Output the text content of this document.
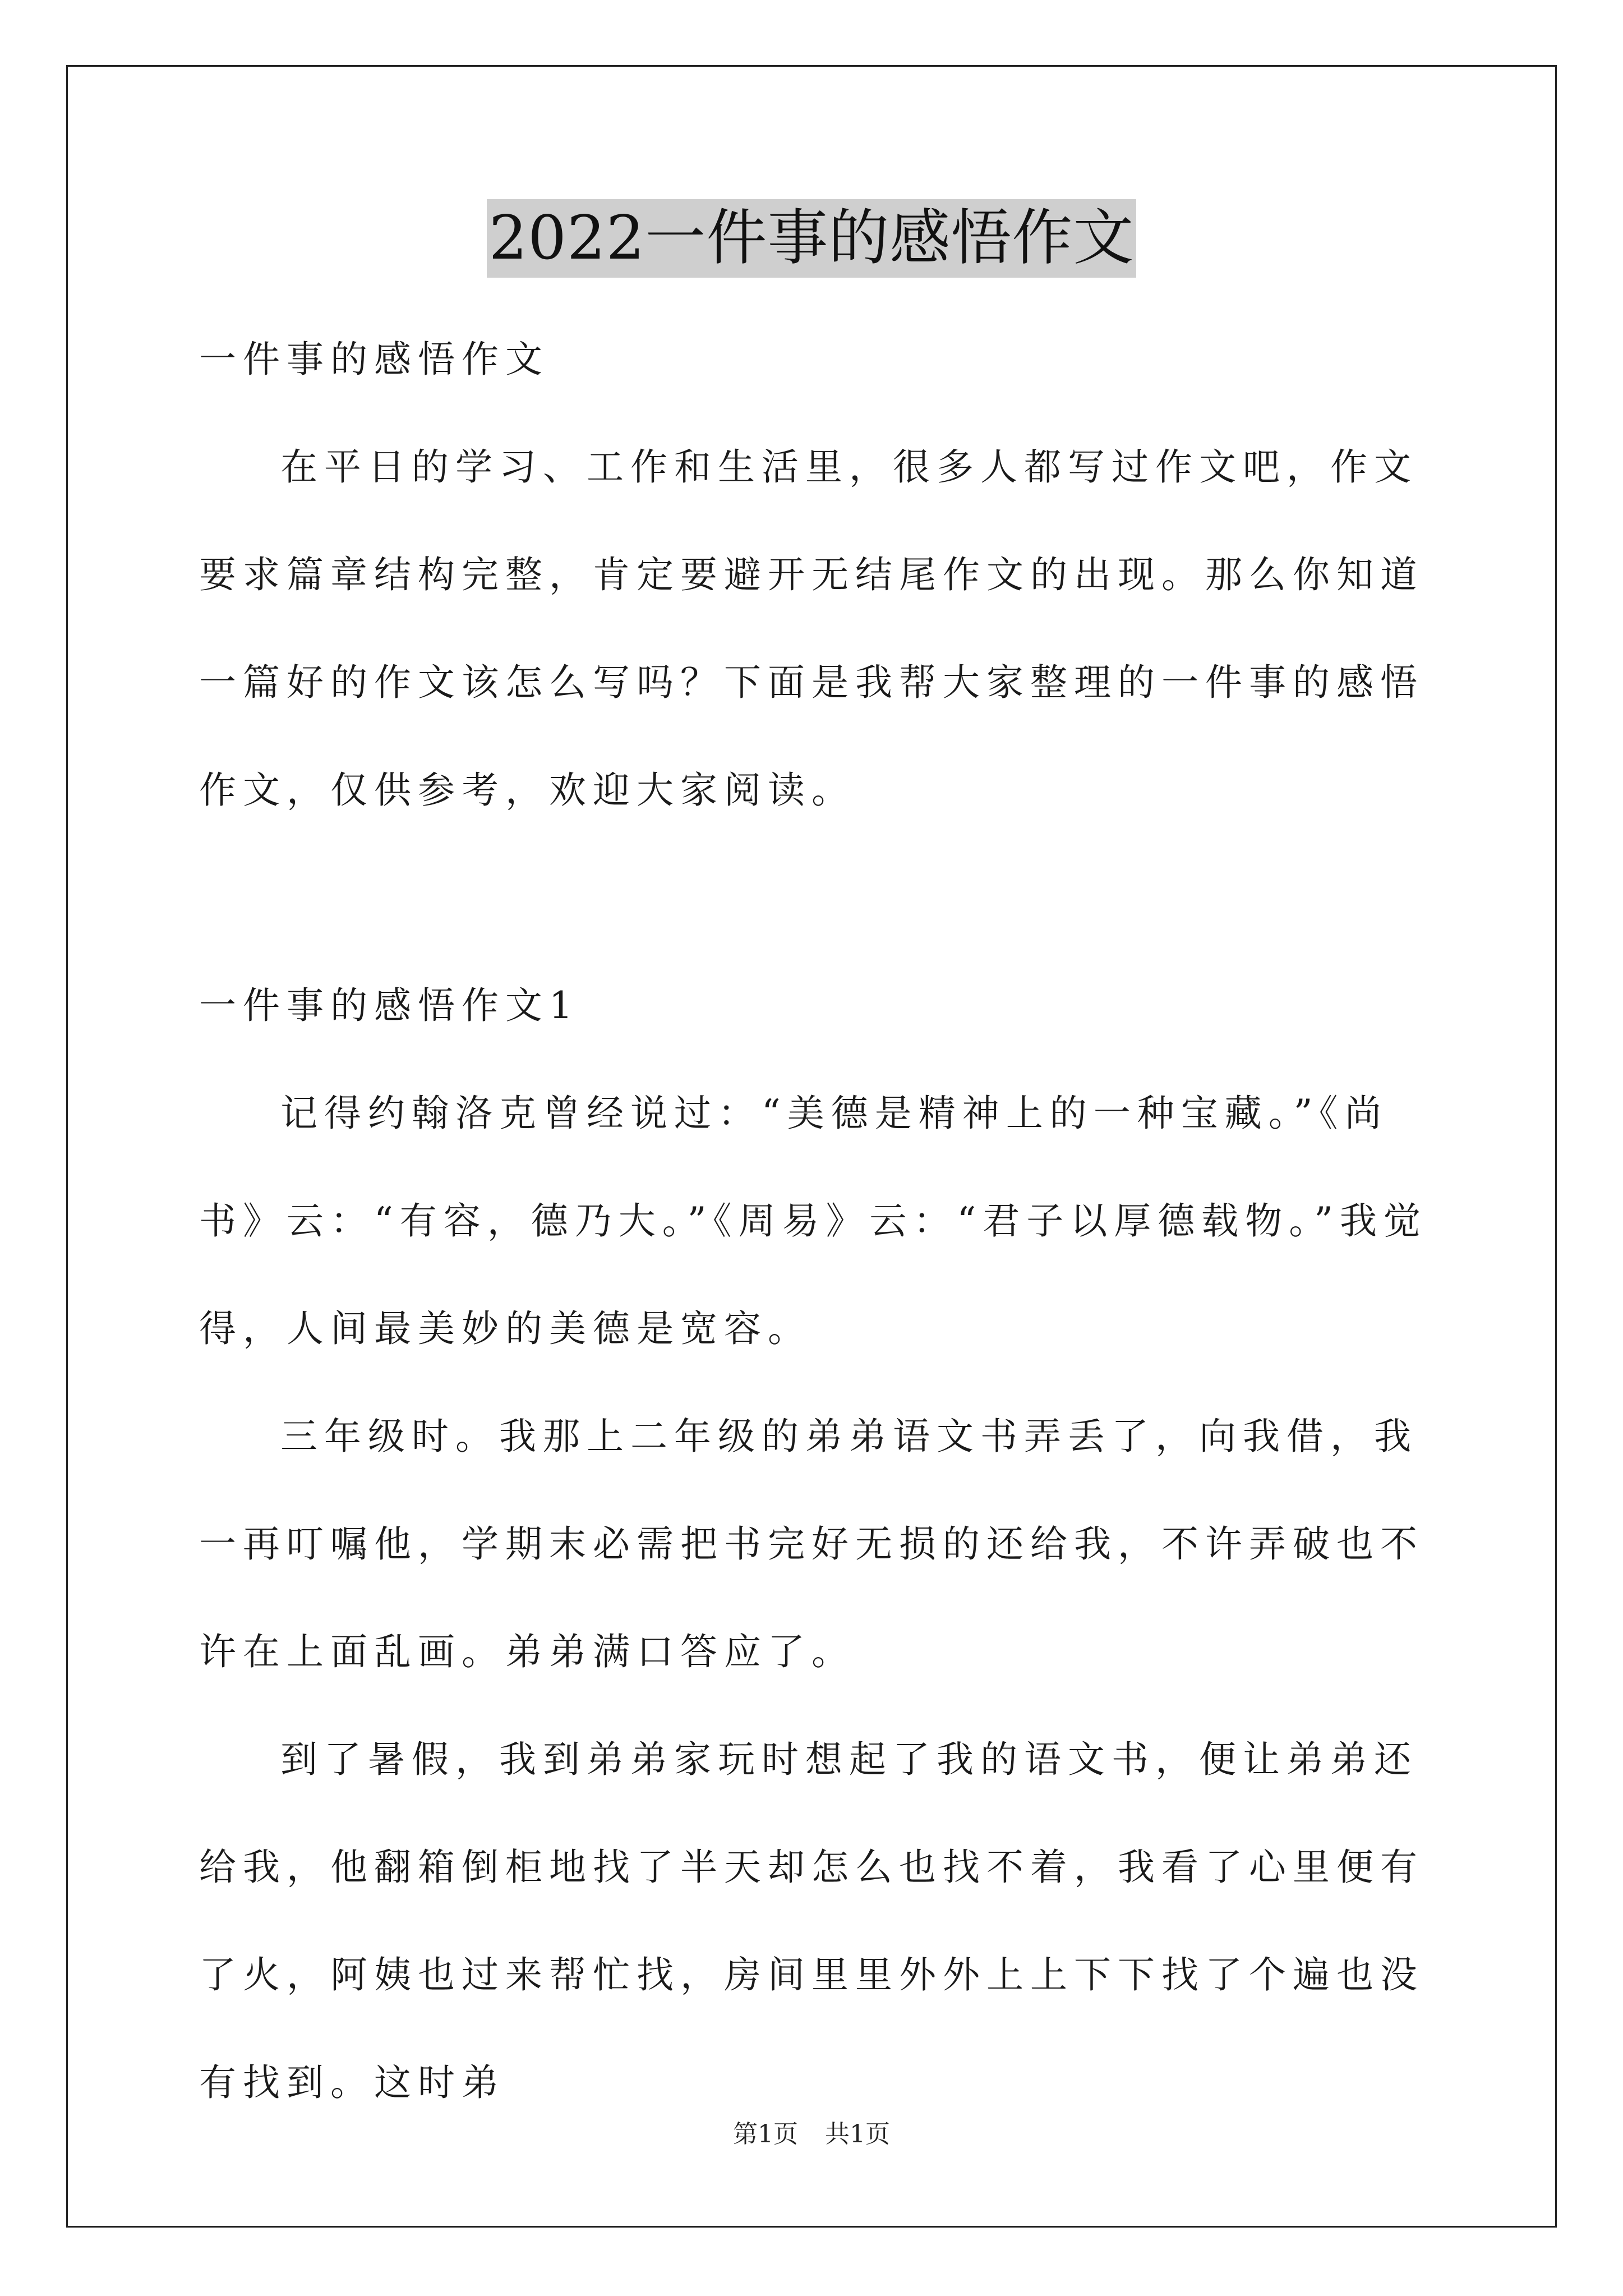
2022一件事的感悟作文

一件事的感悟作文

在平日的学习、工作和生活里，很多人都写过作文吧，作文要求篇章结构完整，肯定要避开无结尾作文的出现。那么你知道一篇好的作文该怎么写吗？下面是我帮大家整理的一件事的感悟作文，仅供参考，欢迎大家阅读。

一件事的感悟作文1

记得约翰洛克曾经说过：“美德是精神上的一种宝藏。”《尚书》云：“有容，德乃大。”《周易》云：“君子以厚德载物。”我觉得，人间最美妙的美德是宽容。

三年级时。我那上二年级的弟弟语文书弄丢了，向我借，我一再叮嘱他，学期末必需把书完好无损的还给我，不许弄破也不许在上面乱画。弟弟满口答应了。

到了暑假，我到弟弟家玩时想起了我的语文书，便让弟弟还给我，他翻箱倒柜地找了半天却怎么也找不着，我看了心里便有了火，阿姨也过来帮忙找，房间里里外外上上下下找了个遍也没有找到。这时弟

第1页 共1页
